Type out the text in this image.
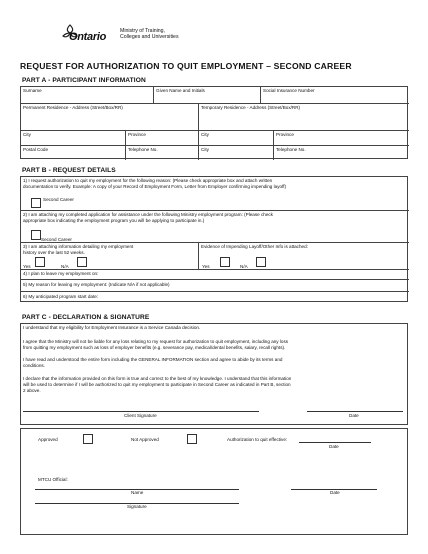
Ontario	Ministry of Training,
Colleges and Universities
REQUEST FOR AUTHORIZATION TO QUIT EMPLOYMENT – SECOND CAREER
PART A - PARTICIPANT INFORMATION
Surname	Given Name and Initials	Social Insurance Number
Permanent Residence - Address (Street/Box/RR)	Temporary Residence - Address (Street/Box/RR)
City	Province	City	Province
Postal Code	Telephone No.	City	Telephone No.
PART B - REQUEST DETAILS
1) I request authorization to quit my employment for the following reason: (Please check appropriate box and attach written
documentation to verify. Example: A copy of your Record of Employment Form, Letter from Employer confirming impending layoff)
Second Career
2) I am attaching my completed application for assistance under the following Ministry employment program: (Please check
appropriate box indicating the employment program you will be applying to participate in.)
Second Career
3) I am attaching information detailing my employment
history over the last 52 weeks.
Yes	N/A
Evidence of Impending Layoff/Other Info is attached:
Yes	N/A
4) I plan to leave my employment on:
5) My reason for leaving my employment: (Indicate N/A if not applicable)
6) My anticipated program start date:
PART C - DECLARATION & SIGNATURE
I understand that my eligibility for Employment Insurance is a Service Canada decision.
I agree that the Ministry will not be liable for any loss relating to my request for authorization to quit employment, including any loss
from quitting my employment such as loss of employer benefits (e.g. severance pay, medical/dental benefits, salary, recall rights).
I have read and understood the entire form including the GENERAL INFORMATION section and agree to abide by its terms and
conditions.
I declare that the information provided on this form is true and correct to the best of my knowledge. I understand that this information
will be used to determine if I will be authorized to quit my employment to participate in Second Career as indicated in Part B, section
2 above.
Client Signature	Date
Approved	Not Approved	Authorization to quit effective:
Date
MTCU Official:
Name	Date
Signature
